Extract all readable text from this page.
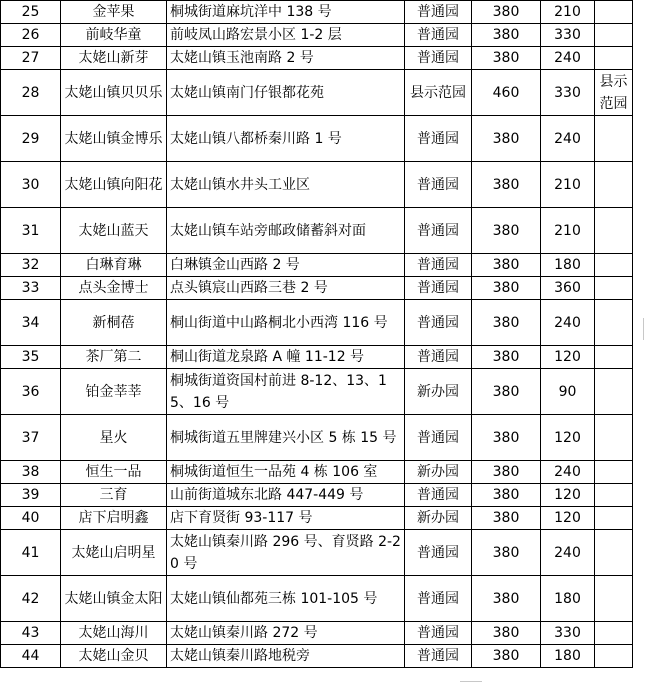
25	金苹果	桐城街道麻坑洋中 138 号	普通园	380	210	
26	前岐华童	前岐凤山路宏景小区 1-2 层	普通园	380	330	
27	太姥山新芽	太姥山镇玉池南路 2 号	普通园	380	240	
28	太姥山镇贝贝乐	太姥山镇南门仔银都花苑	县示范园	460	330	县示范园
29	太姥山镇金博乐	太姥山镇八都桥秦川路 1 号	普通园	380	240	
30	太姥山镇向阳花	太姥山镇水井头工业区	普通园	380	210	
31	太姥山蓝天	太姥山镇车站旁邮政储蓄斜对面	普通园	380	210	
32	白琳育琳	白琳镇金山西路 2 号	普通园	380	180	
33	点头金博士	点头镇宸山西路三巷 2 号	普通园	380	360	
34	新桐蓓	桐山街道中山路桐北小西湾 116 号	普通园	380	240	
35	茶厂第二	桐山街道龙泉路 A 幢 11-12 号	普通园	380	120	
36	铂金莘莘	桐城街道资国村前进 8-12、13、15、16 号	新办园	380	90	
37	星火	桐城街道五里牌建兴小区 5 栋 15 号	普通园	380	120	
38	恒生一品	桐城街道恒生一品苑 4 栋 106 室	新办园	380	240	
39	三育	山前街道城东北路 447-449 号	普通园	380	120	
40	店下启明鑫	店下育贤街 93-117 号	新办园	380	120	
41	太姥山启明星	太姥山镇秦川路 296 号、育贤路 2-20 号	普通园	380	240	
42	太姥山镇金太阳	太姥山镇仙都苑三栋 101-105 号	普通园	380	180	
43	太姥山海川	太姥山镇秦川路 272 号	普通园	380	330	
44	太姥山金贝	太姥山镇秦川路地税旁	普通园	380	180	
